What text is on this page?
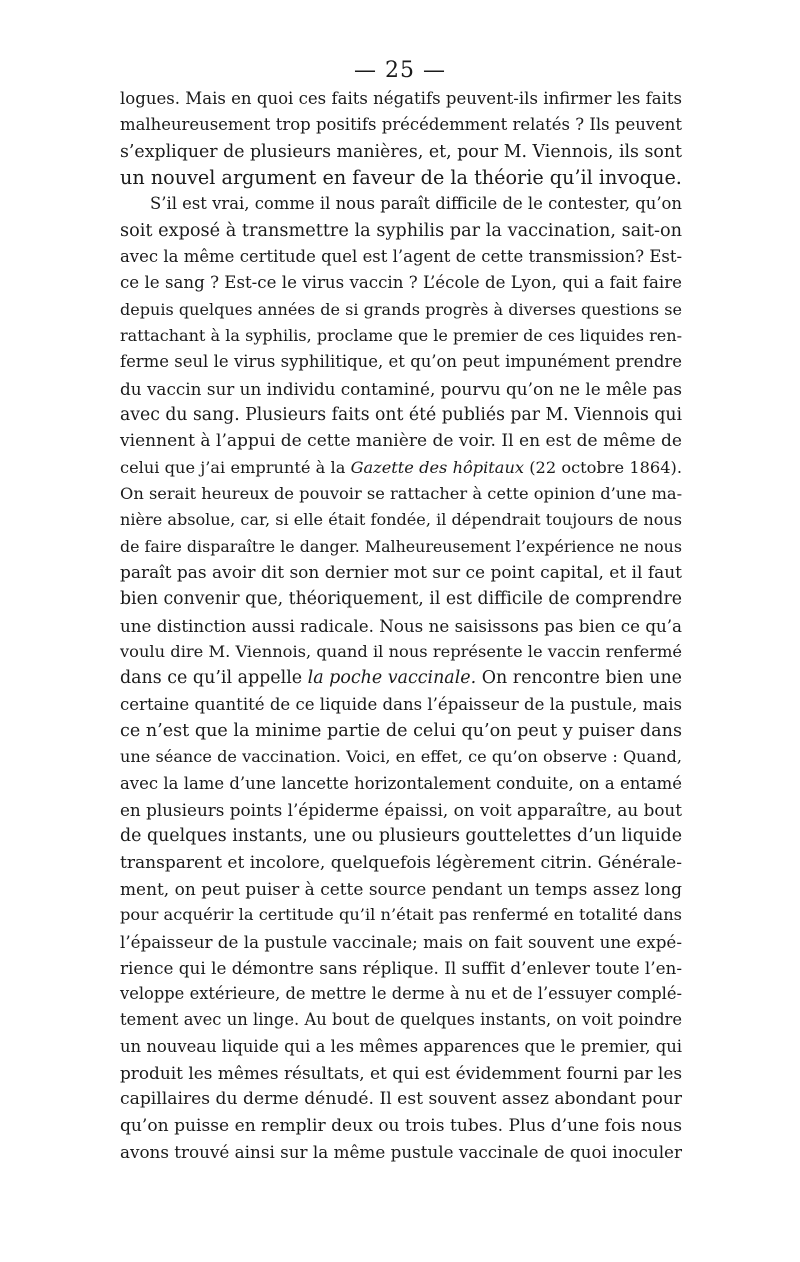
— 25 —
logues. Mais en quoi ces faits négatifs peuvent-ils infirmer les faits
malheureusement trop positifs précédemment relatés ? Ils peuvent
s’expliquer de plusieurs manières, et, pour M. Viennois, ils sont
un nouvel argument en faveur de la théorie qu’il invoque.
S’il est vrai, comme il nous paraît difficile de le contester, qu’on
soit exposé à transmettre la syphilis par la vaccination, sait-on
avec la même certitude quel est l’agent de cette transmission? Est-
ce le sang ? Est-ce le virus vaccin ? L’école de Lyon, qui a fait faire
depuis quelques années de si grands progrès à diverses questions se
rattachant à la syphilis, proclame que le premier de ces liquides ren-
ferme seul le virus syphilitique, et qu’on peut impunément prendre
du vaccin sur un individu contaminé, pourvu qu’on ne le mêle pas
avec du sang. Plusieurs faits ont été publiés par M. Viennois qui
viennent à l’appui de cette manière de voir. Il en est de même de
celui que j’ai emprunté à la Gazette des hôpitaux (22 octobre 1864).
On serait heureux de pouvoir se rattacher à cette opinion d’une ma-
nière absolue, car, si elle était fondée, il dépendrait toujours de nous
de faire disparaître le danger. Malheureusement l’expérience ne nous
paraît pas avoir dit son dernier mot sur ce point capital, et il faut
bien convenir que, théoriquement, il est difficile de comprendre
une distinction aussi radicale. Nous ne saisissons pas bien ce qu’a
voulu dire M. Viennois, quand il nous représente le vaccin renfermé
dans ce qu’il appelle la poche vaccinale. On rencontre bien une
certaine quantité de ce liquide dans l’épaisseur de la pustule, mais
ce n’est que la minime partie de celui qu’on peut y puiser dans
une séance de vaccination. Voici, en effet, ce qu’on observe : Quand,
avec la lame d’une lancette horizontalement conduite, on a entamé
en plusieurs points l’épiderme épaissi, on voit apparaître, au bout
de quelques instants, une ou plusieurs gouttelettes d’un liquide
transparent et incolore, quelquefois légèrement citrin. Générale-
ment, on peut puiser à cette source pendant un temps assez long
pour acquérir la certitude qu’il n’était pas renfermé en totalité dans
l’épaisseur de la pustule vaccinale; mais on fait souvent une expé-
rience qui le démontre sans réplique. Il suffit d’enlever toute l’en-
veloppe extérieure, de mettre le derme à nu et de l’essuyer complé-
tement avec un linge. Au bout de quelques instants, on voit poindre
un nouveau liquide qui a les mêmes apparences que le premier, qui
produit les mêmes résultats, et qui est évidemment fourni par les
capillaires du derme dénudé. Il est souvent assez abondant pour
qu’on puisse en remplir deux ou trois tubes. Plus d’une fois nous
avons trouvé ainsi sur la même pustule vaccinale de quoi inoculer
